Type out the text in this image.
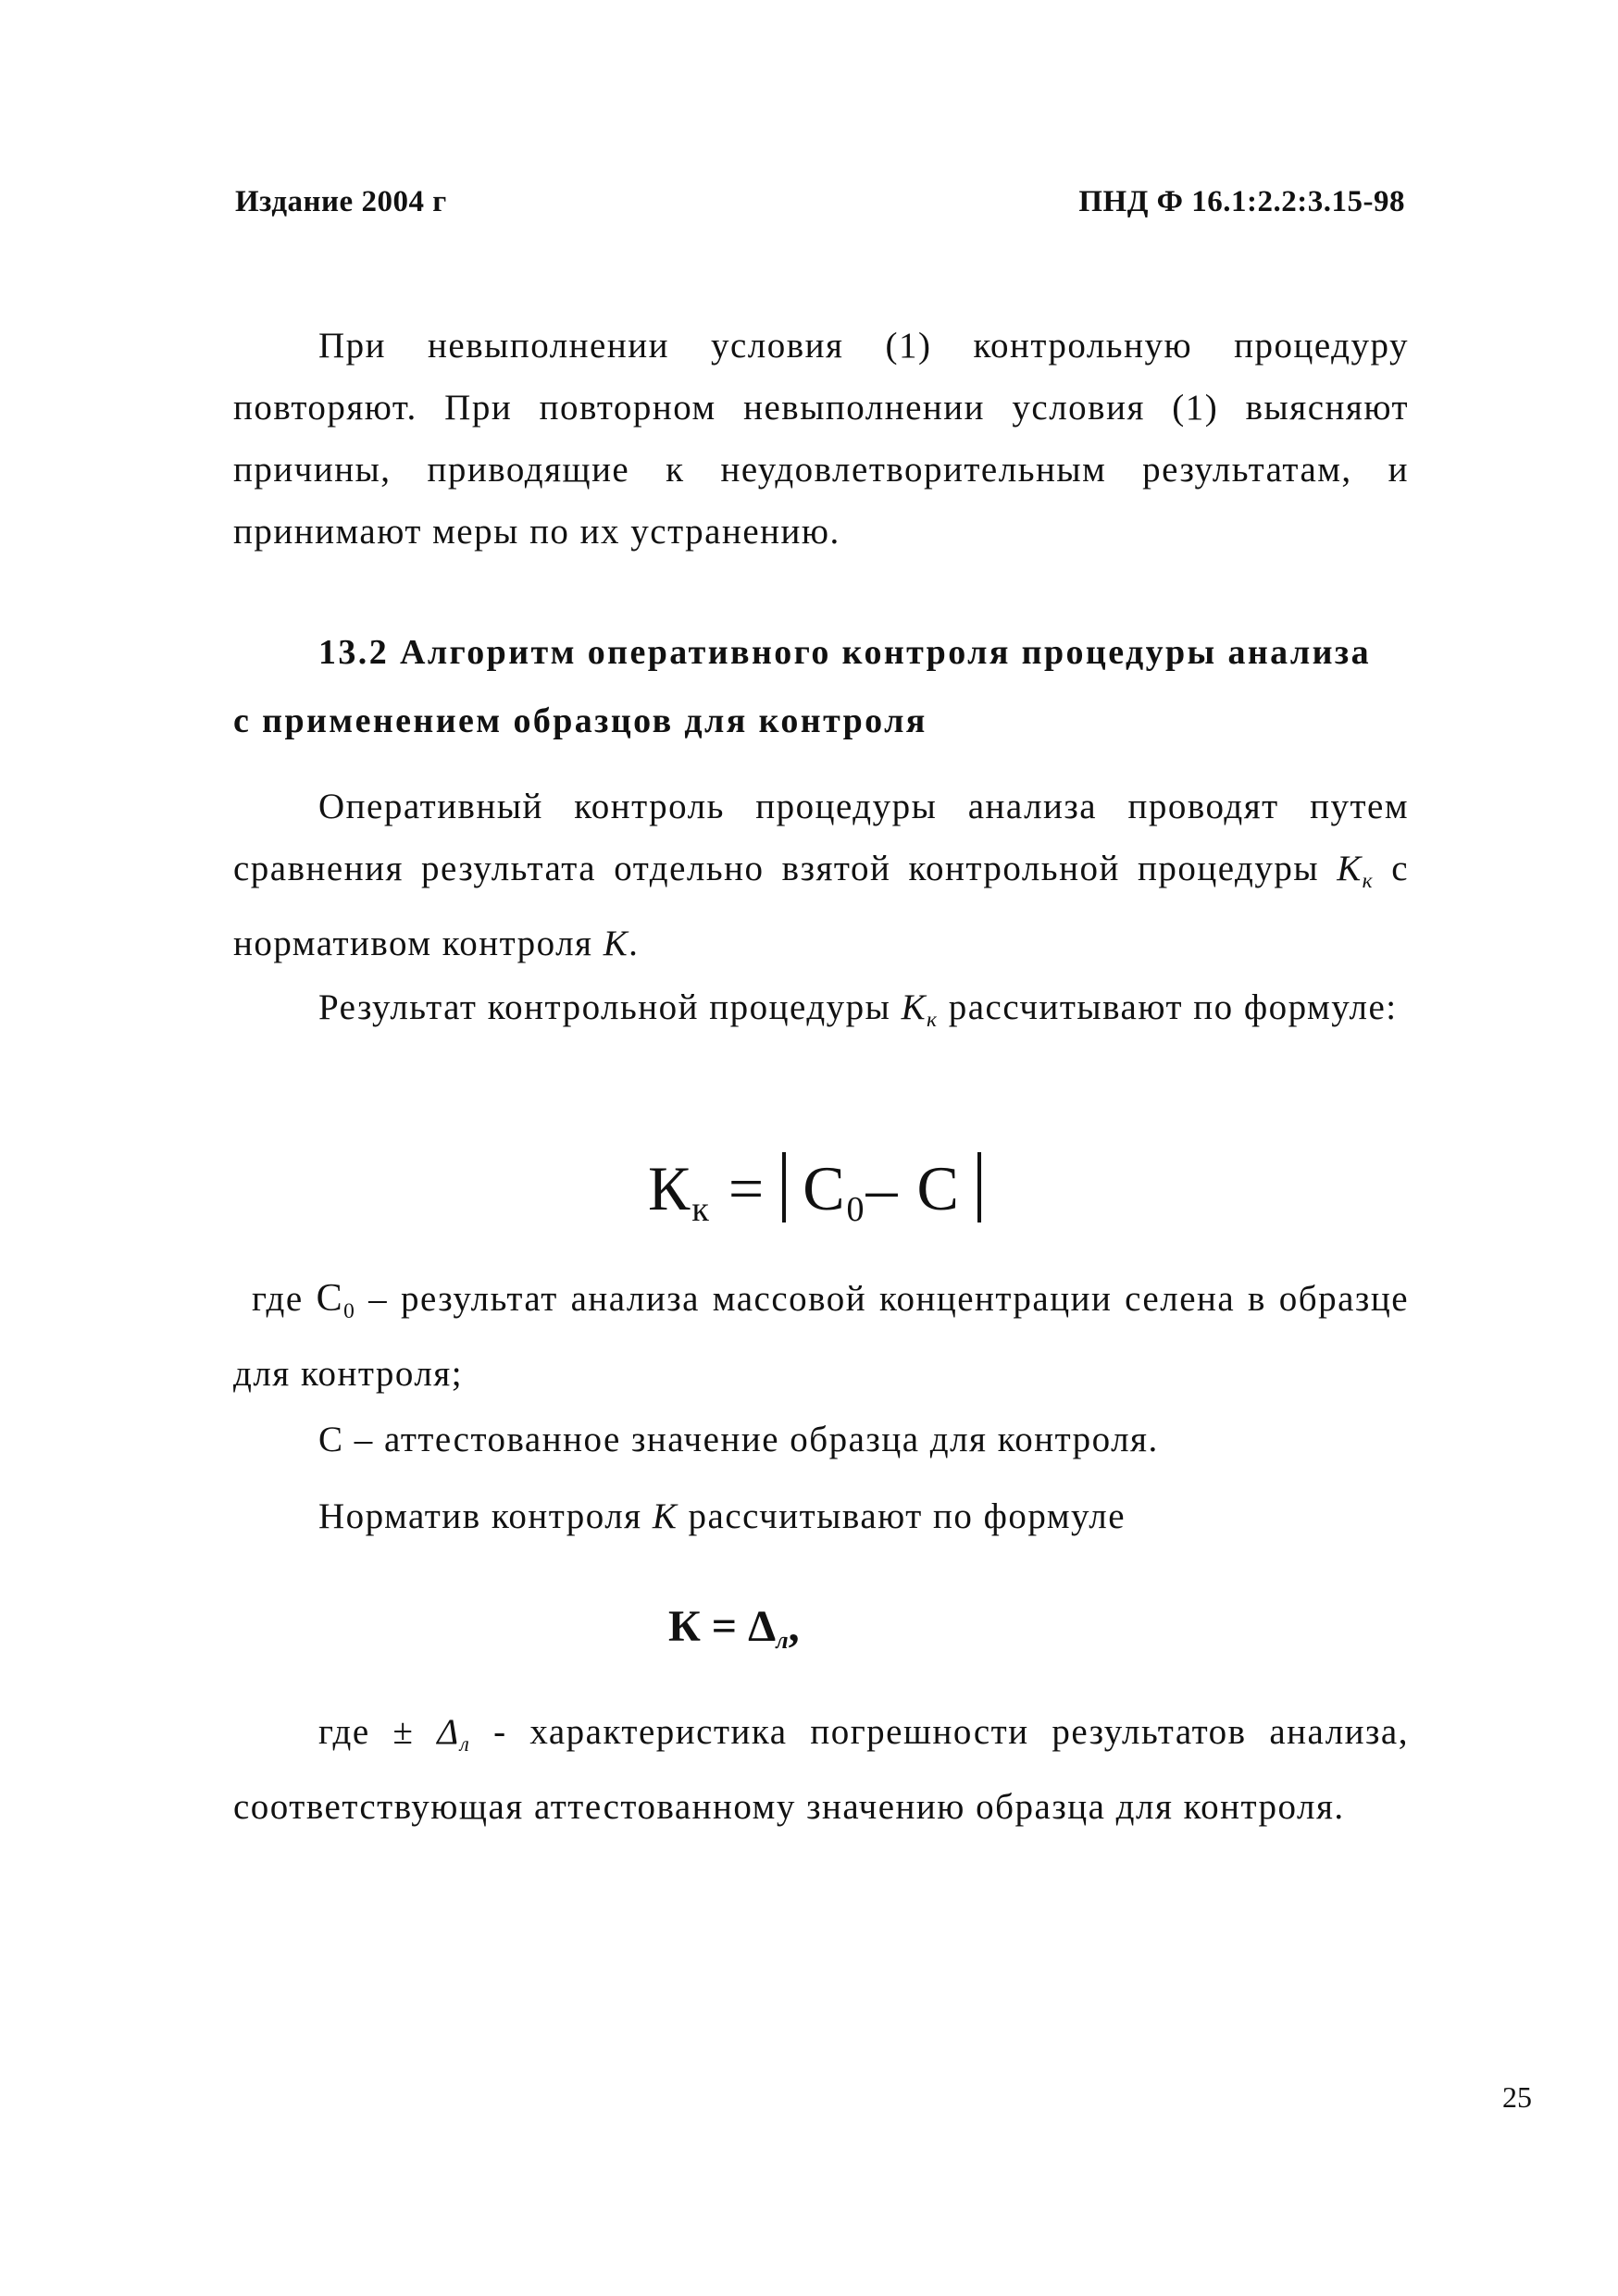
Издание 2004 г	ПНД Ф 16.1:2.2:3.15-98

При невыполнении условия (1) контрольную процедуру повторяют. При повторном невыполнении условия (1) выясняют причины, приводящие к неудовлетворительным результатам, и принимают меры по их устранению.

13.2 Алгоритм оперативного контроля процедуры анализа
с применением образцов для контроля

Оперативный контроль процедуры анализа проводят путем сравнения результата отдельно взятой контрольной процедуры $К_к$ с нормативом контроля К.

Результат контрольной процедуры $К_к$ рассчитывают по формуле:

$К_к = С_0-$ С

где $С_0$ – результат анализа массовой концентрации селена в образце для контроля;

С – аттестованное значение образца для контроля.

Норматив контроля К рассчитывают по формуле

$К = \Delta_л$,

где ± $\Delta_л$ - характеристика погрешности результатов анализа, соответствующая аттестованному значению образца для контроля.

25
